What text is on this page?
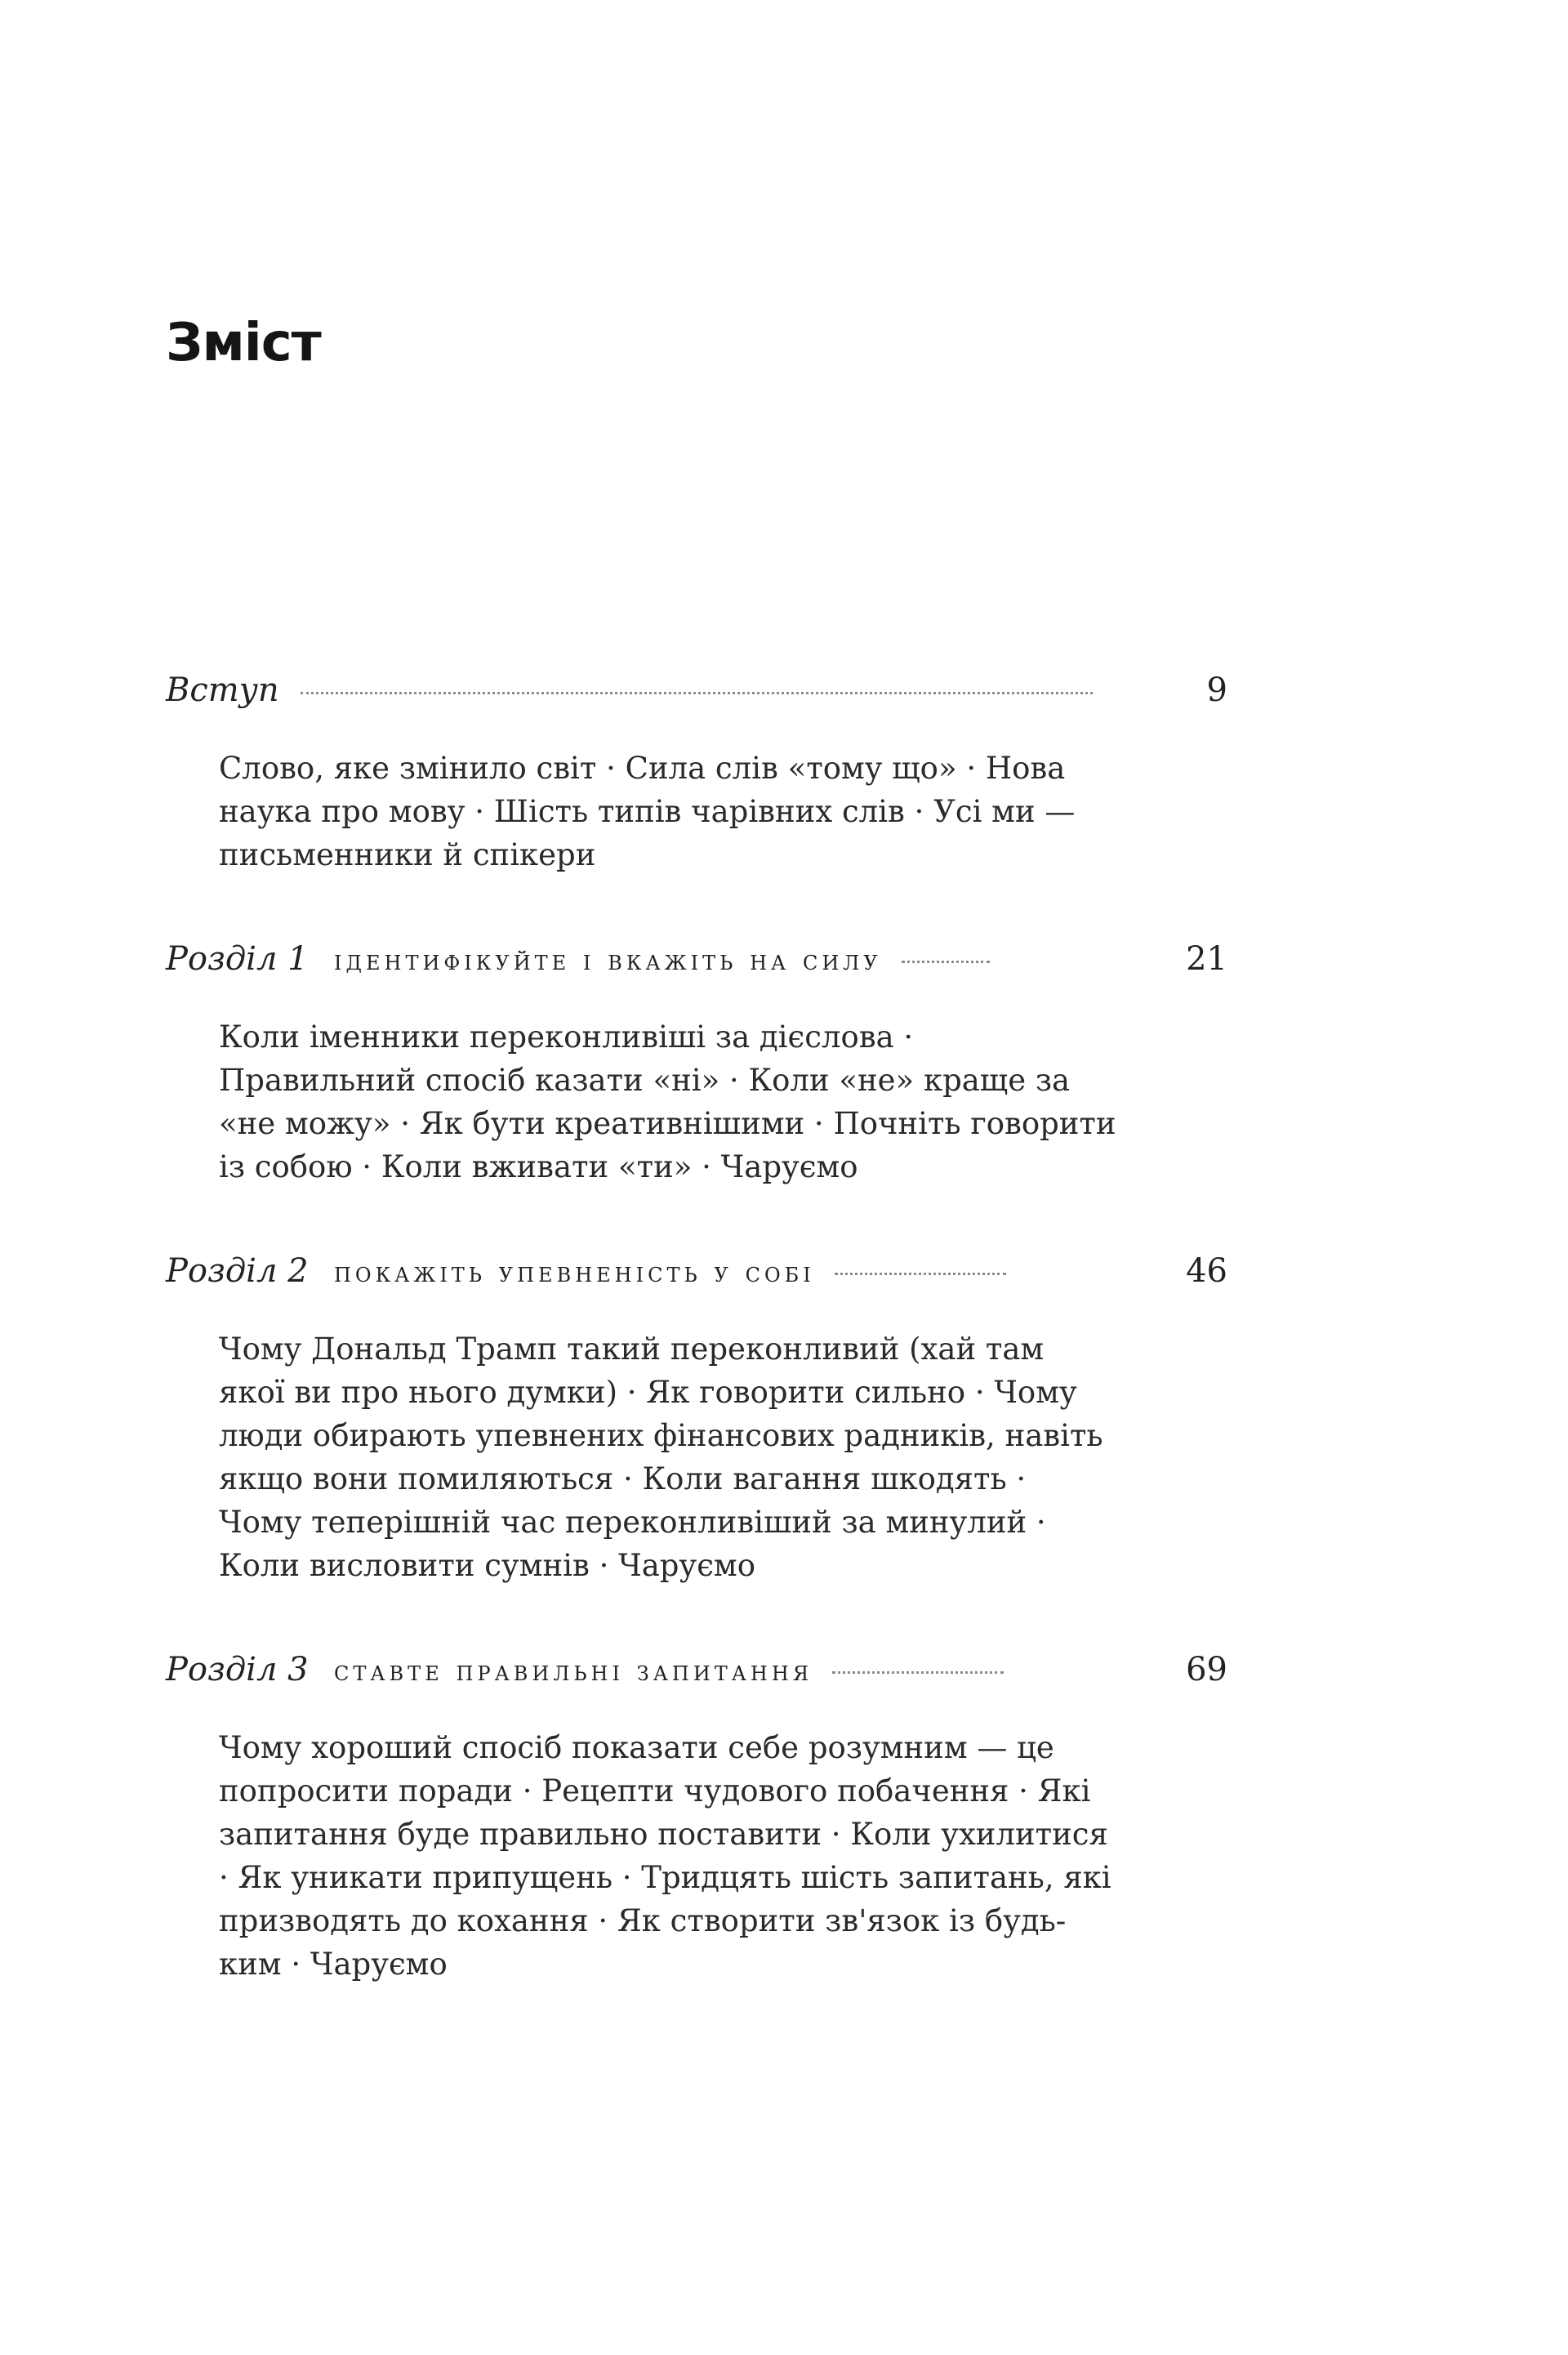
Зміст
Вступ	9

Слово, яке змінило світ · Сила слів «тому що» · Нова наука про мову · Шість типів чарівних слів · Усі ми — письменники й спікери

Розділ 1 ідентифікуйте і вкажіть на силу	21

Коли іменники переконливіші за дієслова · Правильний спосіб казати «ні» · Коли «не» краще за «не можу» · Як бути креативнішими · Почніть говорити із собою · Коли вживати «ти» · Чаруємо

Розділ 2 покажіть упевненість у собі	46

Чому Дональд Трамп такий переконливий (хай там якої ви про нього думки) · Як говорити сильно · Чому люди обирають упевнених фінансових радників, навіть якщо вони помиляються · Коли вагання шкодять · Чому теперішній час переконливіший за минулий · Коли висловити сумнів · Чаруємо

Розділ 3 ставте правильні запитання	69

Чому хороший спосіб показати себе розумним — це попросити поради · Рецепти чудового побачення · Які запитання буде правильно поставити · Коли ухилитися · Як уникати припущень · Тридцять шість запитань, які призводять до кохання · Як створити зв'язок із будь-ким · Чаруємо
